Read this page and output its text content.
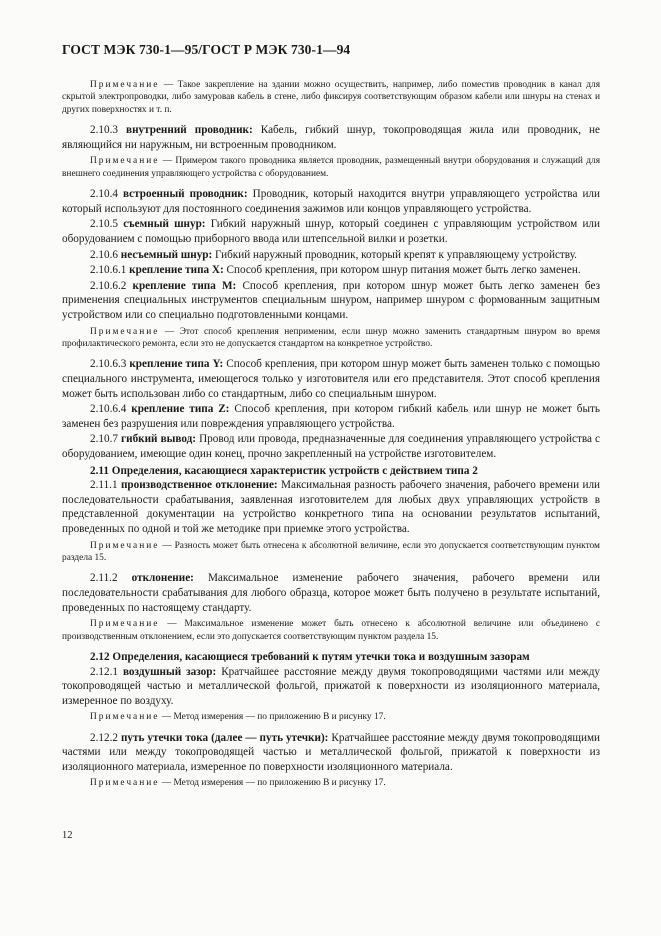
ГОСТ МЭК 730-1—95/ГОСТ Р МЭК 730-1—94

Примечание — Такое закрепление на здании можно осуществить, например, либо поместив проводник в канал для скрытой электропроводки, либо замуровав кабель в стене, либо фиксируя соответствующим образом кабели или шнуры на стенах и других поверхностях и т. п.

2.10.3 внутренний проводник: Кабель, гибкий шнур, токопроводящая жила или проводник, не являющийся ни наружным, ни встроенным проводником.

Примечание — Примером такого проводника является проводник, размещенный внутри оборудования и служащий для внешнего соединения управляющего устройства с оборудованием.

2.10.4 встроенный проводник: Проводник, который находится внутри управляющего устройства или который используют для постоянного соединения зажимов или концов управляющего устройства.

2.10.5 съемный шнур: Гибкий наружный шнур, который соединен с управляющим устройством или оборудованием с помощью приборного ввода или штепсельной вилки и розетки.

2.10.6 несъемный шнур: Гибкий наружный проводник, который крепят к управляющему устройству.

2.10.6.1 крепление типа X: Способ крепления, при котором шнур питания может быть легко заменен.

2.10.6.2 крепление типа M: Способ крепления, при котором шнур может быть легко заменен без применения специальных инструментов специальным шнуром, например шнуром с формованным защитным устройством или со специально подготовленными концами.

Примечание — Этот способ крепления неприменим, если шнур можно заменить стандартным шнуром во время профилактического ремонта, если это не допускается стандартом на конкретное устройство.

2.10.6.3 крепление типа Y: Способ крепления, при котором шнур может быть заменен только с помощью специального инструмента, имеющегося только у изготовителя или его представителя. Этот способ крепления может быть использован либо со стандартным, либо со специальным шнуром.

2.10.6.4 крепление типа Z: Способ крепления, при котором гибкий кабель или шнур не может быть заменен без разрушения или повреждения управляющего устройства.

2.10.7 гибкий вывод: Провод или провода, предназначенные для соединения управляющего устройства с оборудованием, имеющие один конец, прочно закрепленный на устройстве изготовителем.

2.11 Определения, касающиеся характеристик устройств с действием типа 2

2.11.1 производственное отклонение: Максимальная разность рабочего значения, рабочего времени или последовательности срабатывания, заявленная изготовителем для любых двух управляющих устройств в представленной документации на устройство конкретного типа на основании результатов испытаний, проведенных по одной и той же методике при приемке этого устройства.

Примечание — Разность может быть отнесена к абсолютной величине, если это допускается соответствующим пунктом раздела 15.

2.11.2 отклонение: Максимальное изменение рабочего значения, рабочего времени или последовательности срабатывания для любого образца, которое может быть получено в результате испытаний, проведенных по настоящему стандарту.

Примечание — Максимальное изменение может быть отнесено к абсолютной величине или объединено с производственным отклонением, если это допускается соответствующим пунктом раздела 15.

2.12 Определения, касающиеся требований к путям утечки тока и воздушным зазорам

2.12.1 воздушный зазор: Кратчайшее расстояние между двумя токопроводящими частями или между токопроводящей частью и металлической фольгой, прижатой к поверхности из изоляционного материала, измеренное по воздуху.

Примечание — Метод измерения — по приложению В и рисунку 17.

2.12.2 путь утечки тока (далее — путь утечки): Кратчайшее расстояние между двумя токопроводящими частями или между токопроводящей частью и металлической фольгой, прижатой к поверхности из изоляционного материала, измеренное по поверхности изоляционного материала.

Примечание — Метод измерения — по приложению В и рисунку 17.

12
